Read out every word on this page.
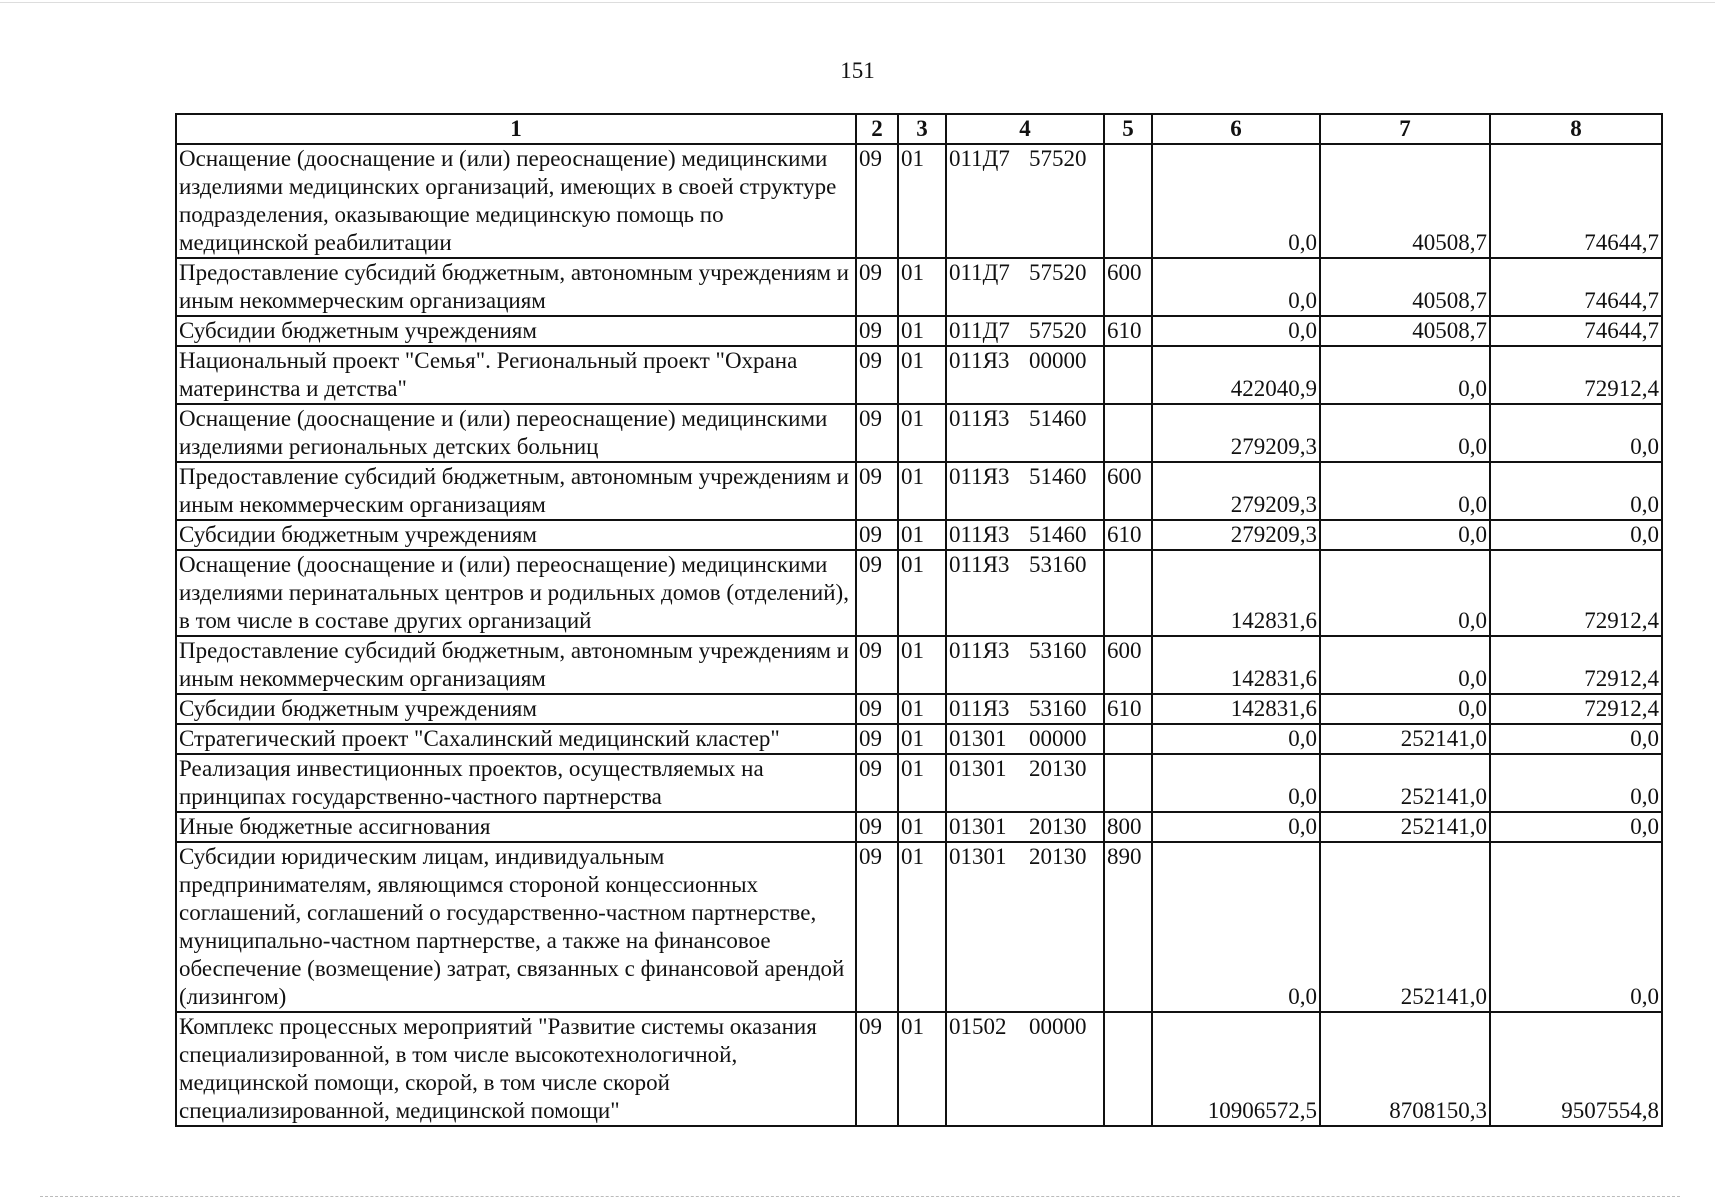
151
1	2	3	4	5	6	7	8
Оснащение (дооснащение и (или) переоснащение) медицинскими изделиями медицинских организаций, имеющих в своей структуре подразделения, оказывающие медицинскую помощь по медицинской реабилитации	09	01	011Д7 57520		0,0	40508,7	74644,7
Предоставление субсидий бюджетным, автономным учреждениям и иным некоммерческим организациям	09	01	011Д7 57520	600	0,0	40508,7	74644,7
Субсидии бюджетным учреждениям	09	01	011Д7 57520	610	0,0	40508,7	74644,7
Национальный проект "Семья". Региональный проект "Охрана материнства и детства"	09	01	011Я3 00000		422040,9	0,0	72912,4
Оснащение (дооснащение и (или) переоснащение) медицинскими изделиями региональных детских больниц	09	01	011Я3 51460		279209,3	0,0	0,0
Предоставление субсидий бюджетным, автономным учреждениям и иным некоммерческим организациям	09	01	011Я3 51460	600	279209,3	0,0	0,0
Субсидии бюджетным учреждениям	09	01	011Я3 51460	610	279209,3	0,0	0,0
Оснащение (дооснащение и (или) переоснащение) медицинскими изделиями перинатальных центров и родильных домов (отделений), в том числе в составе других организаций	09	01	011Я3 53160		142831,6	0,0	72912,4
Предоставление субсидий бюджетным, автономным учреждениям и иным некоммерческим организациям	09	01	011Я3 53160	600	142831,6	0,0	72912,4
Субсидии бюджетным учреждениям	09	01	011Я3 53160	610	142831,6	0,0	72912,4
Стратегический проект "Сахалинский медицинский кластер"	09	01	01301 00000		0,0	252141,0	0,0
Реализация инвестиционных проектов, осуществляемых на принципах государственно-частного партнерства	09	01	01301 20130		0,0	252141,0	0,0
Иные бюджетные ассигнования	09	01	01301 20130	800	0,0	252141,0	0,0
Субсидии юридическим лицам, индивидуальным предпринимателям, являющимся стороной концессионных соглашений, соглашений о государственно-частном партнерстве, муниципально-частном партнерстве, а также на финансовое обеспечение (возмещение) затрат, связанных с финансовой арендой (лизингом)	09	01	01301 20130	890	0,0	252141,0	0,0
Комплекс процессных мероприятий "Развитие системы оказания специализированной, в том числе высокотехнологичной, медицинской помощи, скорой, в том числе скорой специализированной, медицинской помощи"	09	01	01502 00000		10906572,5	8708150,3	9507554,8
